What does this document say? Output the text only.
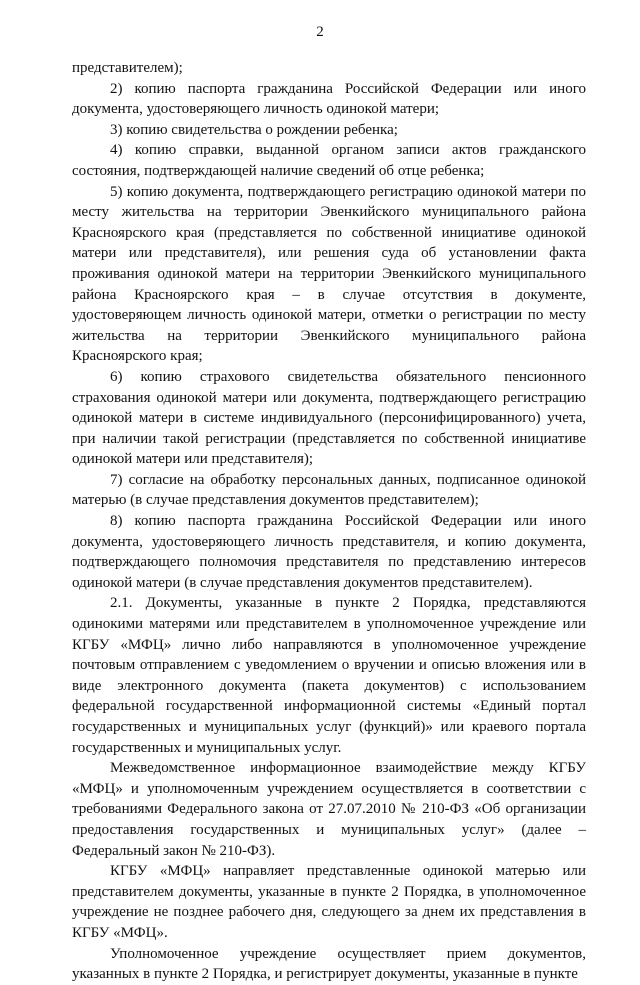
2

представителем);

2) копию паспорта гражданина Российской Федерации или иного документа, удостоверяющего личность одинокой матери;

3) копию свидетельства о рождении ребенка;

4) копию справки, выданной органом записи актов гражданского состояния, подтверждающей наличие сведений об отце ребенка;

5) копию документа, подтверждающего регистрацию одинокой матери по месту жительства на территории Эвенкийского муниципального района Красноярского края (представляется по собственной инициативе одинокой матери или представителя), или решения суда об установлении факта проживания одинокой матери на территории Эвенкийского муниципального района Красноярского края – в случае отсутствия в документе, удостоверяющем личность одинокой матери, отметки о регистрации по месту жительства на территории Эвенкийского муниципального района Красноярского края;

6) копию страхового свидетельства обязательного пенсионного страхования одинокой матери или документа, подтверждающего регистрацию одинокой матери в системе индивидуального (персонифицированного) учета, при наличии такой регистрации (представляется по собственной инициативе одинокой матери или представителя);

7) согласие на обработку персональных данных, подписанное одинокой матерью (в случае представления документов представителем);

8) копию паспорта гражданина Российской Федерации или иного документа, удостоверяющего личность представителя, и копию документа, подтверждающего полномочия представителя по представлению интересов одинокой матери (в случае представления документов представителем).

2.1. Документы, указанные в пункте 2 Порядка, представляются одинокими матерями или представителем в уполномоченное учреждение или КГБУ «МФЦ» лично либо направляются в уполномоченное учреждение почтовым отправлением с уведомлением о вручении и описью вложения или в виде электронного документа (пакета документов) с использованием федеральной государственной информационной системы «Единый портал государственных и муниципальных услуг (функций)» или краевого портала государственных и муниципальных услуг.

Межведомственное информационное взаимодействие между КГБУ «МФЦ» и уполномоченным учреждением осуществляется в соответствии с требованиями Федерального закона от 27.07.2010 № 210-ФЗ «Об организации предоставления государственных и муниципальных услуг» (далее – Федеральный закон № 210-ФЗ).

КГБУ «МФЦ» направляет представленные одинокой матерью или представителем документы, указанные в пункте 2 Порядка, в уполномоченное учреждение не позднее рабочего дня, следующего за днем их представления в КГБУ «МФЦ».

Уполномоченное учреждение осуществляет прием документов, указанных в пункте 2 Порядка, и регистрирует документы, указанные в пункте
